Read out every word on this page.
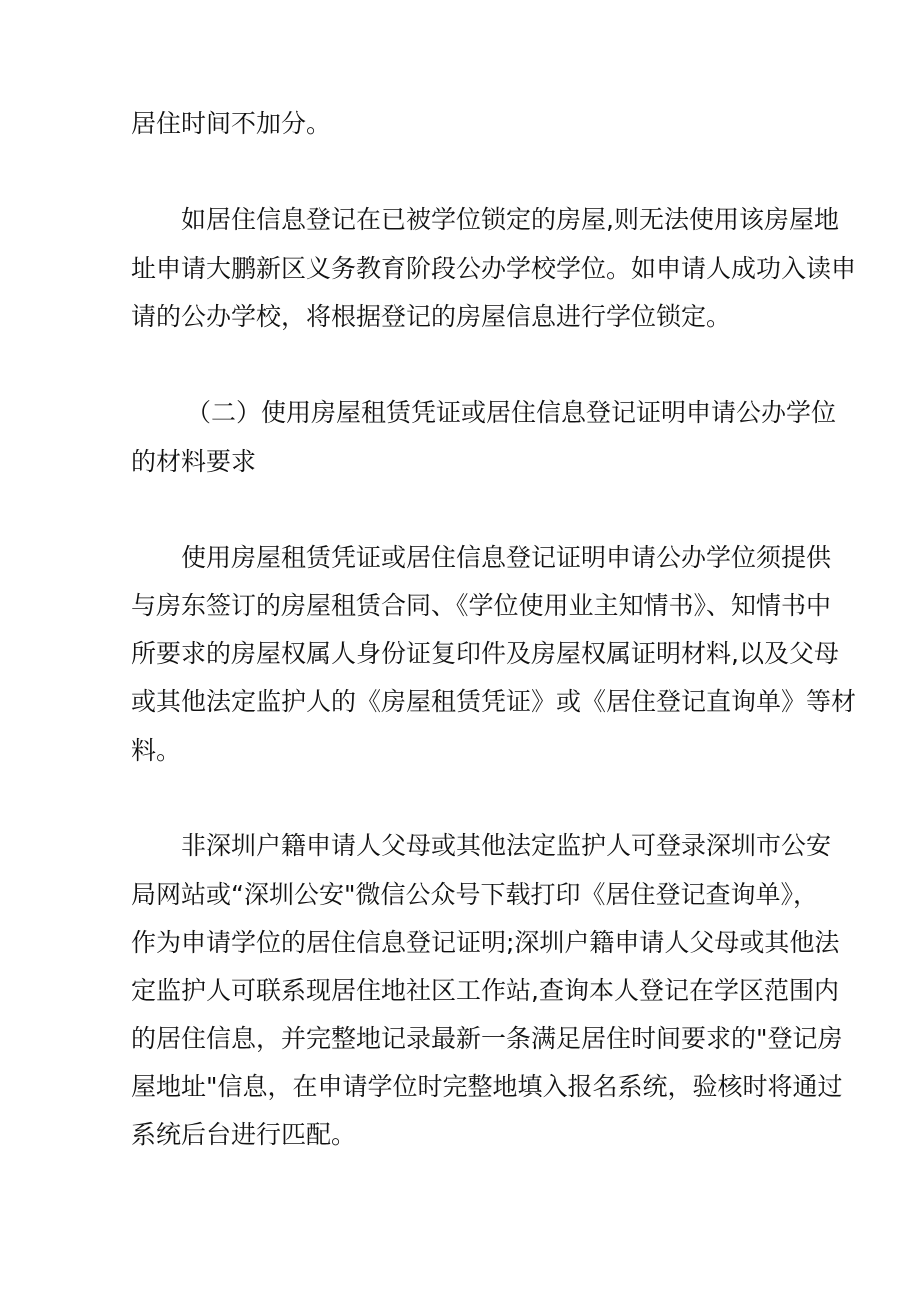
居住时间不加分。
如居住信息登记在已被学位锁定的房屋,则无法使用该房屋地
址申请大鹏新区义务教育阶段公办学校学位。如申请人成功入读申
请的公办学校，将根据登记的房屋信息进行学位锁定。
（二）使用房屋租赁凭证或居住信息登记证明申请公办学位
的材料要求
使用房屋租赁凭证或居住信息登记证明申请公办学位须提供
与房东签订的房屋租赁合同、《学位使用业主知情书》、知情书中
所要求的房屋权属人身份证复印件及房屋权属证明材料,以及父母
或其他法定监护人的《房屋租赁凭证》或《居住登记直询单》等材
料。
非深圳户籍申请人父母或其他法定监护人可登录深圳市公安
局网站或“深圳公安"微信公众号下载打印《居住登记查询单》，
作为申请学位的居住信息登记证明;深圳户籍申请人父母或其他法
定监护人可联系现居住地社区工作站,查询本人登记在学区范围内
的居住信息，并完整地记录最新一条满足居住时间要求的"登记房
屋地址"信息，在申请学位时完整地填入报名系统，验核时将通过
系统后台进行匹配。
